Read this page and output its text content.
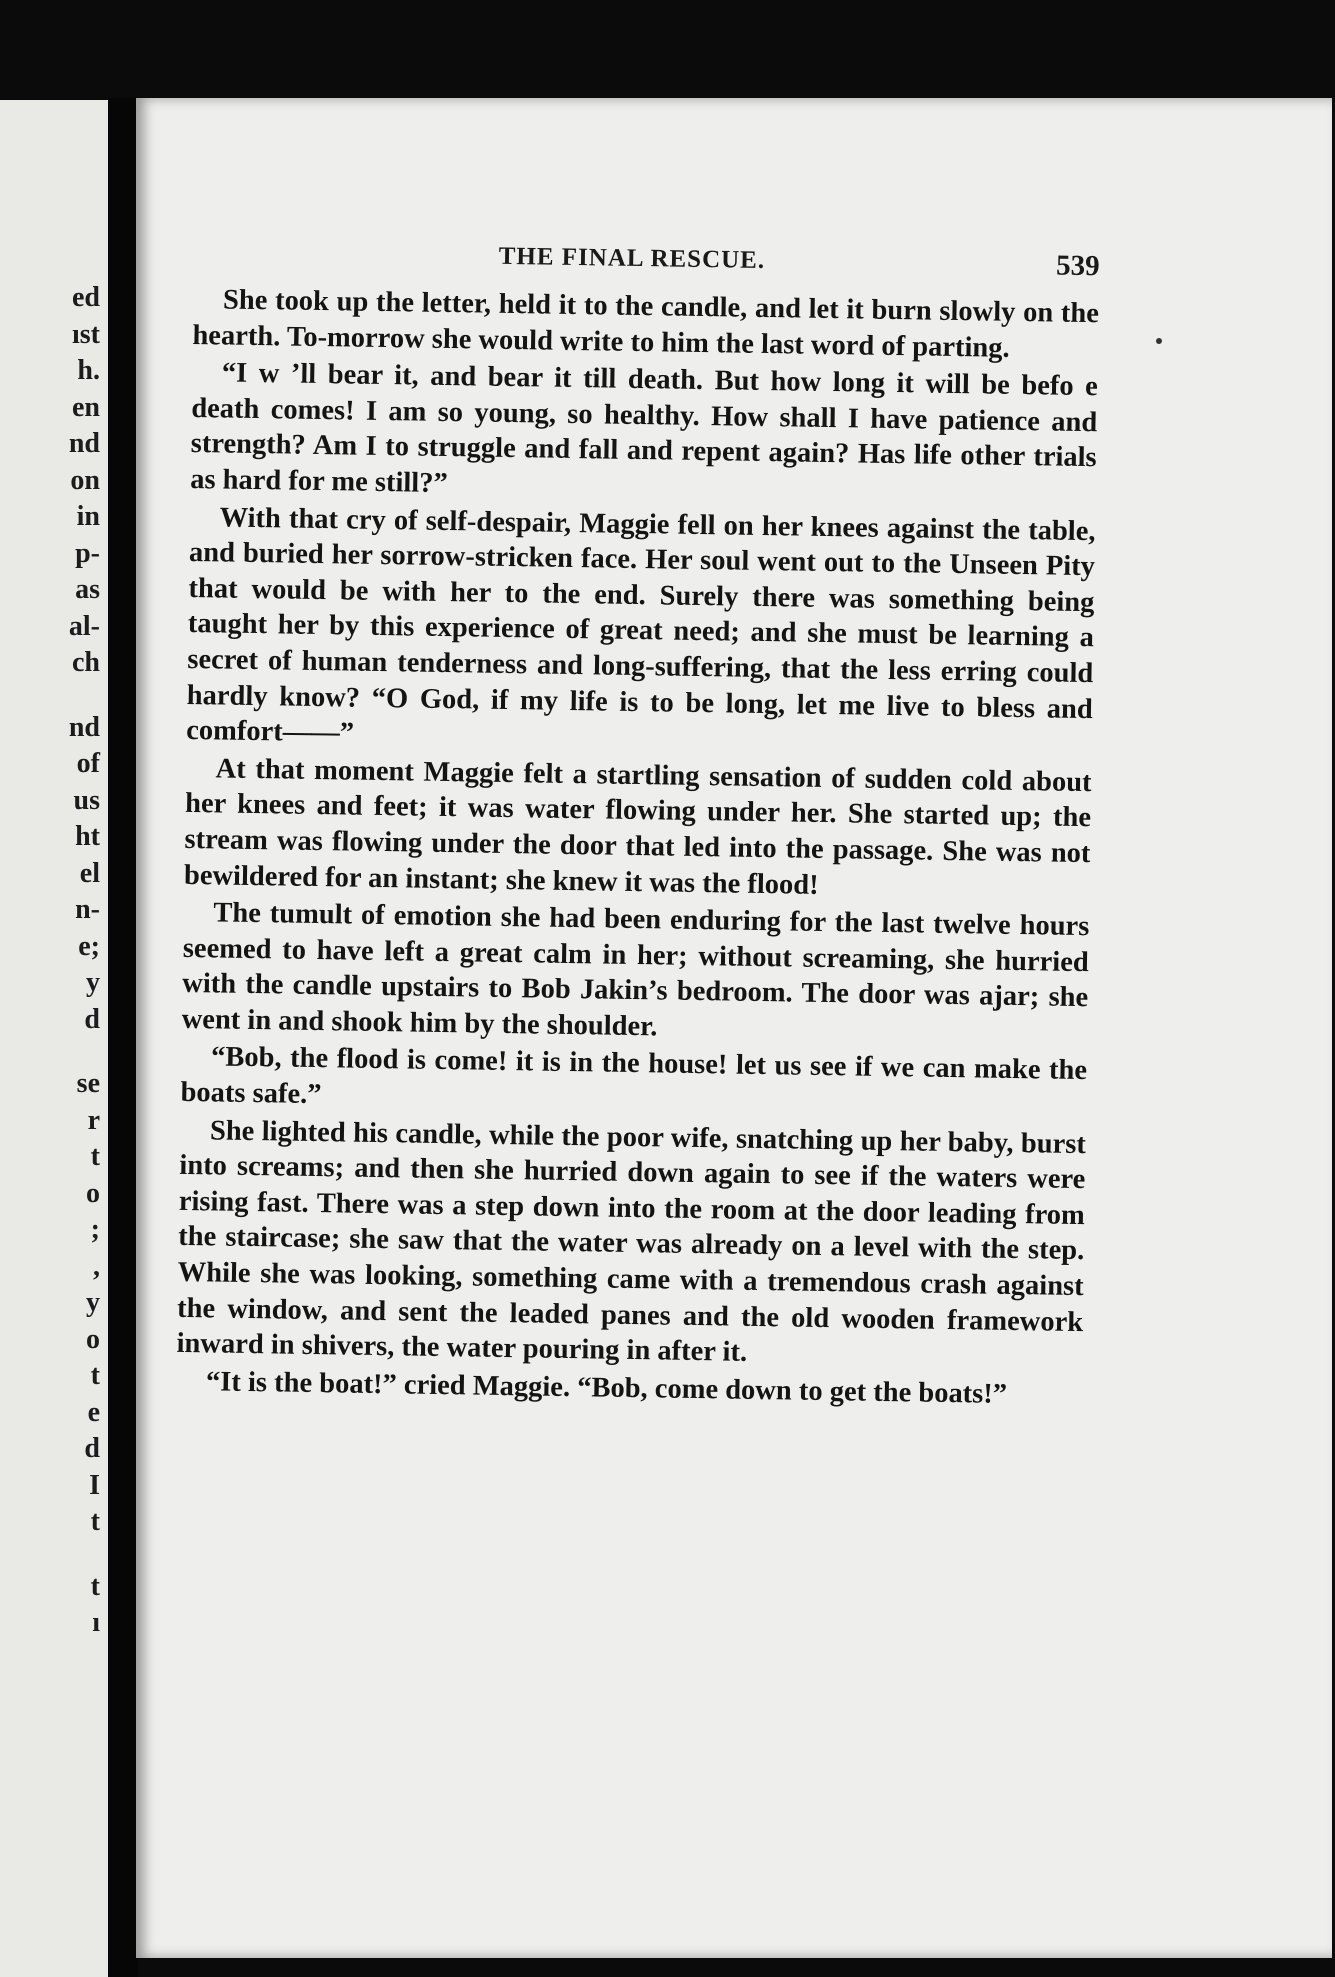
ed
ıst
h.
en
nd
on
in
p-
as
al-
ch
nd
of
us
ht
el
n-
e;
y
d
se
r
t
o
;
,
y
o
t
e
d
I
t
t
ı
THE FINAL RESCUE.	539

She took up the letter, held it to the candle, and let it burn slowly on the hearth. To-morrow she would write to him the last word of parting.

“I w ’ll bear it, and bear it till death. But how long it will be befo e death comes! I am so young, so healthy. How shall I have patience and strength? Am I to struggle and fall and repent again? Has life other trials as hard for me still?”

With that cry of self-despair, Maggie fell on her knees against the table, and buried her sorrow-stricken face. Her soul went out to the Unseen Pity that would be with her to the end. Surely there was something being taught her by this experience of great need; and she must be learning a secret of human tenderness and long-suffering, that the less erring could hardly know? “O God, if my life is to be long, let me live to bless and comfort——”

At that moment Maggie felt a startling sensation of sudden cold about her knees and feet; it was water flowing under her. She started up; the stream was flowing under the door that led into the passage. She was not bewildered for an instant; she knew it was the flood!

The tumult of emotion she had been enduring for the last twelve hours seemed to have left a great calm in her; without screaming, she hurried with the candle upstairs to Bob Jakin’s bedroom. The door was ajar; she went in and shook him by the shoulder.

“Bob, the flood is come! it is in the house! let us see if we can make the boats safe.”

She lighted his candle, while the poor wife, snatching up her baby, burst into screams; and then she hurried down again to see if the waters were rising fast. There was a step down into the room at the door leading from the staircase; she saw that the water was already on a level with the step. While she was looking, something came with a tremendous crash against the window, and sent the leaded panes and the old wooden framework inward in shivers, the water pouring in after it.

“It is the boat!” cried Maggie. “Bob, come down to get the boats!”
